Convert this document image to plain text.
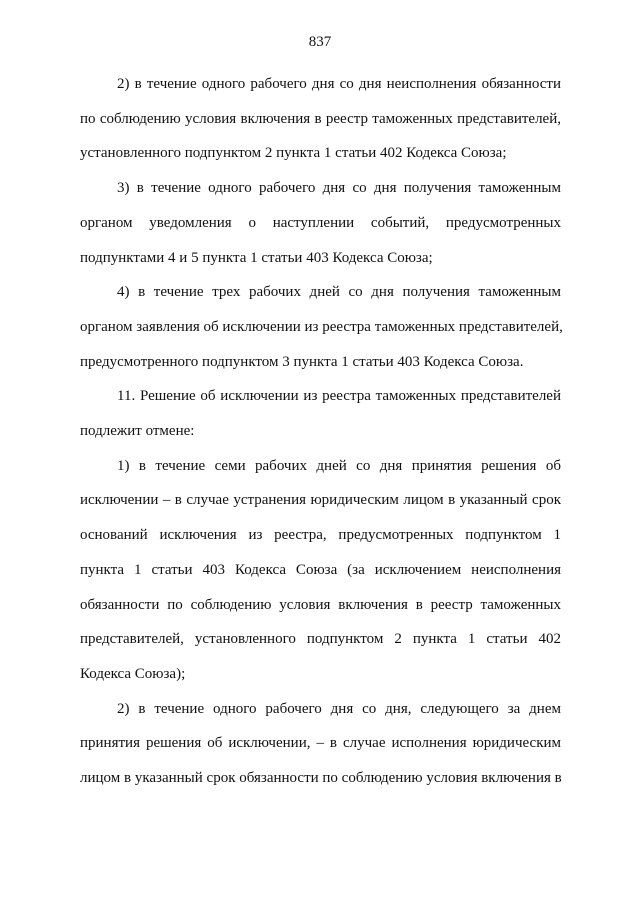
837

2) в течение одного рабочего дня со дня неисполнения обязанности
по соблюдению условия включения в реестр таможенных представителей,
установленного подпунктом 2 пункта 1 статьи 402 Кодекса Союза;

3) в течение одного рабочего дня со дня получения таможенным
органом уведомления о наступлении событий, предусмотренных
подпунктами 4 и 5 пункта 1 статьи 403 Кодекса Союза;

4) в течение трех рабочих дней со дня получения таможенным
органом заявления об исключении из реестра таможенных представителей,
предусмотренного подпунктом 3 пункта 1 статьи 403 Кодекса Союза.

11. Решение об исключении из реестра таможенных представителей
подлежит отмене:

1) в течение семи рабочих дней со дня принятия решения об
исключении – в случае устранения юридическим лицом в указанный срок
оснований исключения из реестра, предусмотренных подпунктом 1
пункта 1 статьи 403 Кодекса Союза (за исключением неисполнения
обязанности по соблюдению условия включения в реестр таможенных
представителей, установленного подпунктом 2 пункта 1 статьи 402
Кодекса Союза);

2) в течение одного рабочего дня со дня, следующего за днем
принятия решения об исключении, – в случае исполнения юридическим
лицом в указанный срок обязанности по соблюдению условия включения в
